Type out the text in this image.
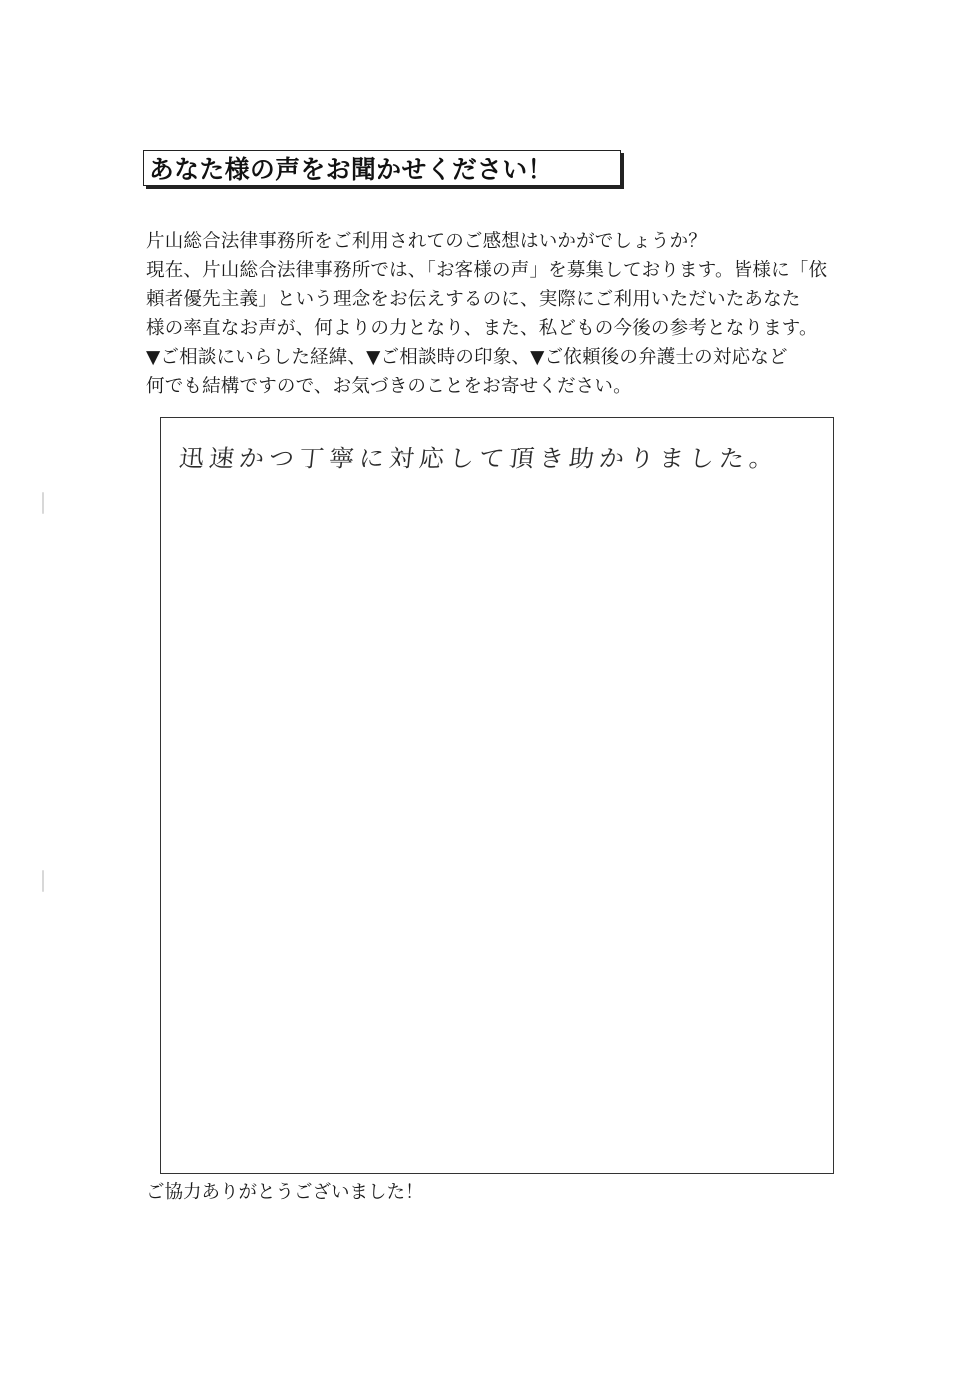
あなた様の声をお聞かせください！
片山総合法律事務所をご利用されてのご感想はいかがでしょうか？
現在、片山総合法律事務所では、「お客様の声」を募集しております。皆様に「依
頼者優先主義」という理念をお伝えするのに、実際にご利用いただいたあなた
様の率直なお声が、何よりの力となり、また、私どもの今後の参考となります。
▼ご相談にいらした経緯、▼ご相談時の印象、▼ご依頼後の弁護士の対応など
何でも結構ですので、お気づきのことをお寄せください。
迅速かつ丁寧に対応して頂き助かりました。
ご協力ありがとうございました！
